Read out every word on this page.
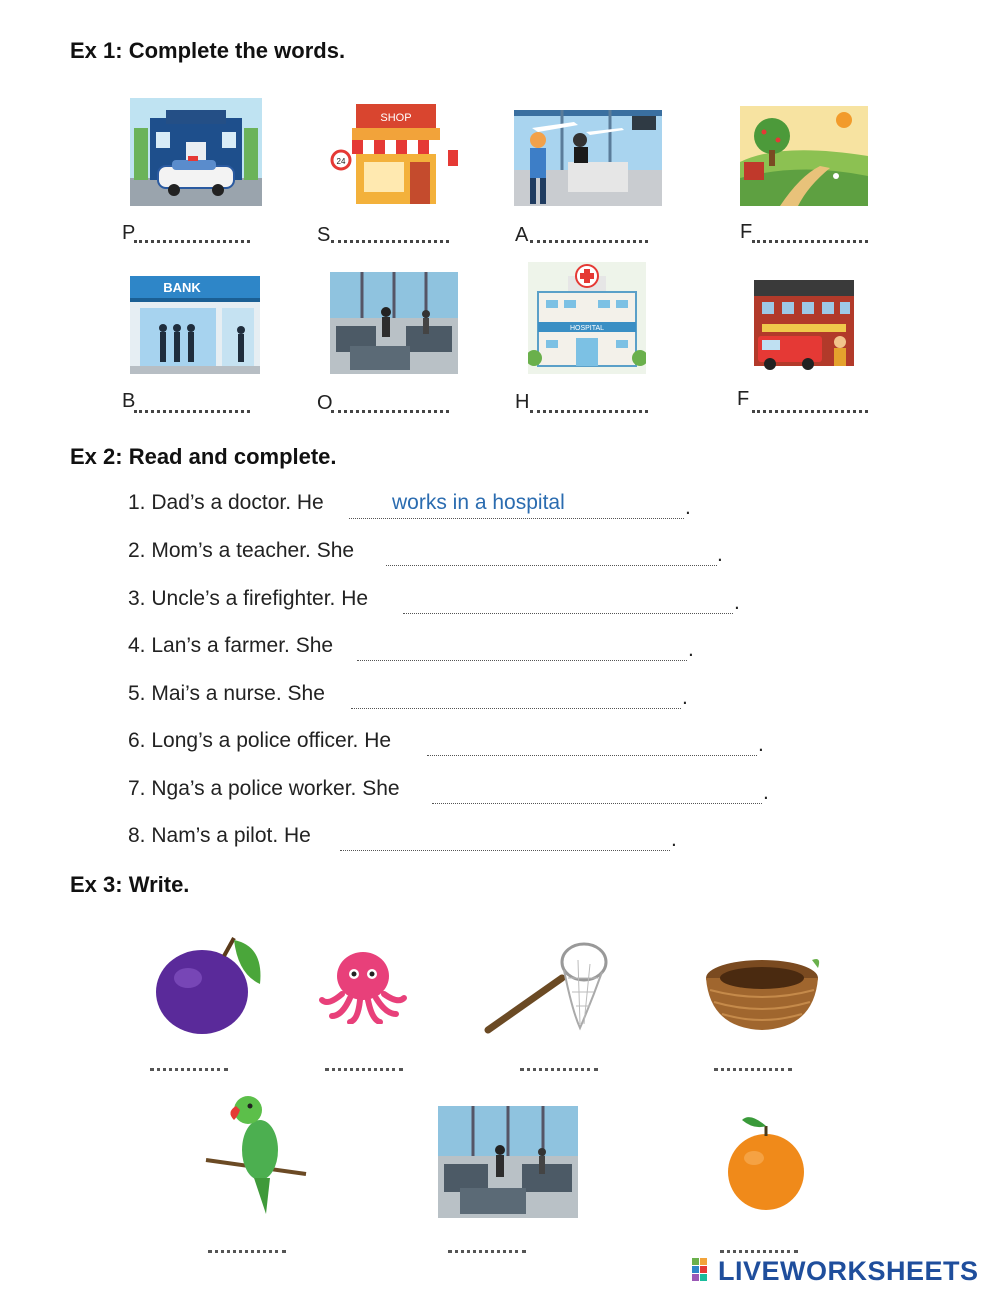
Ex 1: Complete the words.
SHOP
24
P	S	A	F
BANK
HOSPITAL
B	O	H	F
Ex 2: Read and complete.
1. Dad’s a doctor. He	works in a hospital	.
2. Mom’s a teacher. She	.
3. Uncle’s a firefighter. He	.
4. Lan’s a farmer. She	.
5. Mai’s a nurse. She	.
6. Long’s a police officer. He	.
7. Nga’s a police worker. She	.
8. Nam’s a pilot. He	.
Ex 3: Write.
LIVEWORKSHEETS
